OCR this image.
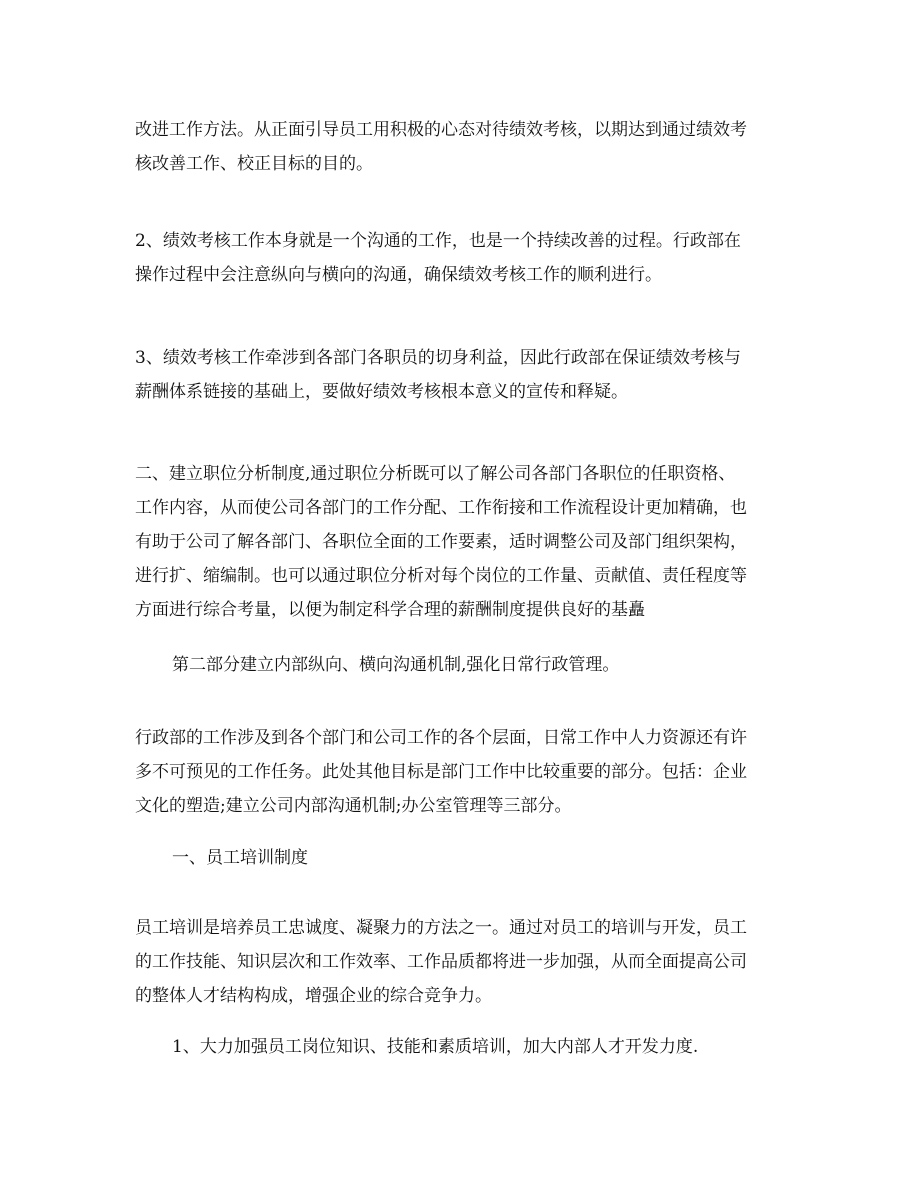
改进工作方法。从正面引导员工用积极的心态对待绩效考核，以期达到通过绩效考
核改善工作、校正目标的目的。
2、绩效考核工作本身就是一个沟通的工作，也是一个持续改善的过程。行政部在
操作过程中会注意纵向与横向的沟通，确保绩效考核工作的顺利进行。
3、绩效考核工作牵涉到各部门各职员的切身利益，因此行政部在保证绩效考核与
薪酬体系链接的基础上，要做好绩效考核根本意义的宣传和释疑。
二、建立职位分析制度,通过职位分析既可以了解公司各部门各职位的任职资格、
工作内容，从而使公司各部门的工作分配、工作衔接和工作流程设计更加精确，也
有助于公司了解各部门、各职位全面的工作要素，适时调整公司及部门组织架构，
进行扩、缩编制。也可以通过职位分析对每个岗位的工作量、贡献值、责任程度等
方面进行综合考量，以便为制定科学合理的薪酬制度提供良好的基矗
第二部分建立内部纵向、横向沟通机制,强化日常行政管理。
行政部的工作涉及到各个部门和公司工作的各个层面，日常工作中人力资源还有许
多不可预见的工作任务。此处其他目标是部门工作中比较重要的部分。包括：企业
文化的塑造;建立公司内部沟通机制;办公室管理等三部分。
一、员工培训制度
员工培训是培养员工忠诚度、凝聚力的方法之一。通过对员工的培训与开发，员工
的工作技能、知识层次和工作效率、工作品质都将进一步加强，从而全面提高公司
的整体人才结构构成，增强企业的综合竞争力。
1、大力加强员工岗位知识、技能和素质培训，加大内部人才开发力度.
